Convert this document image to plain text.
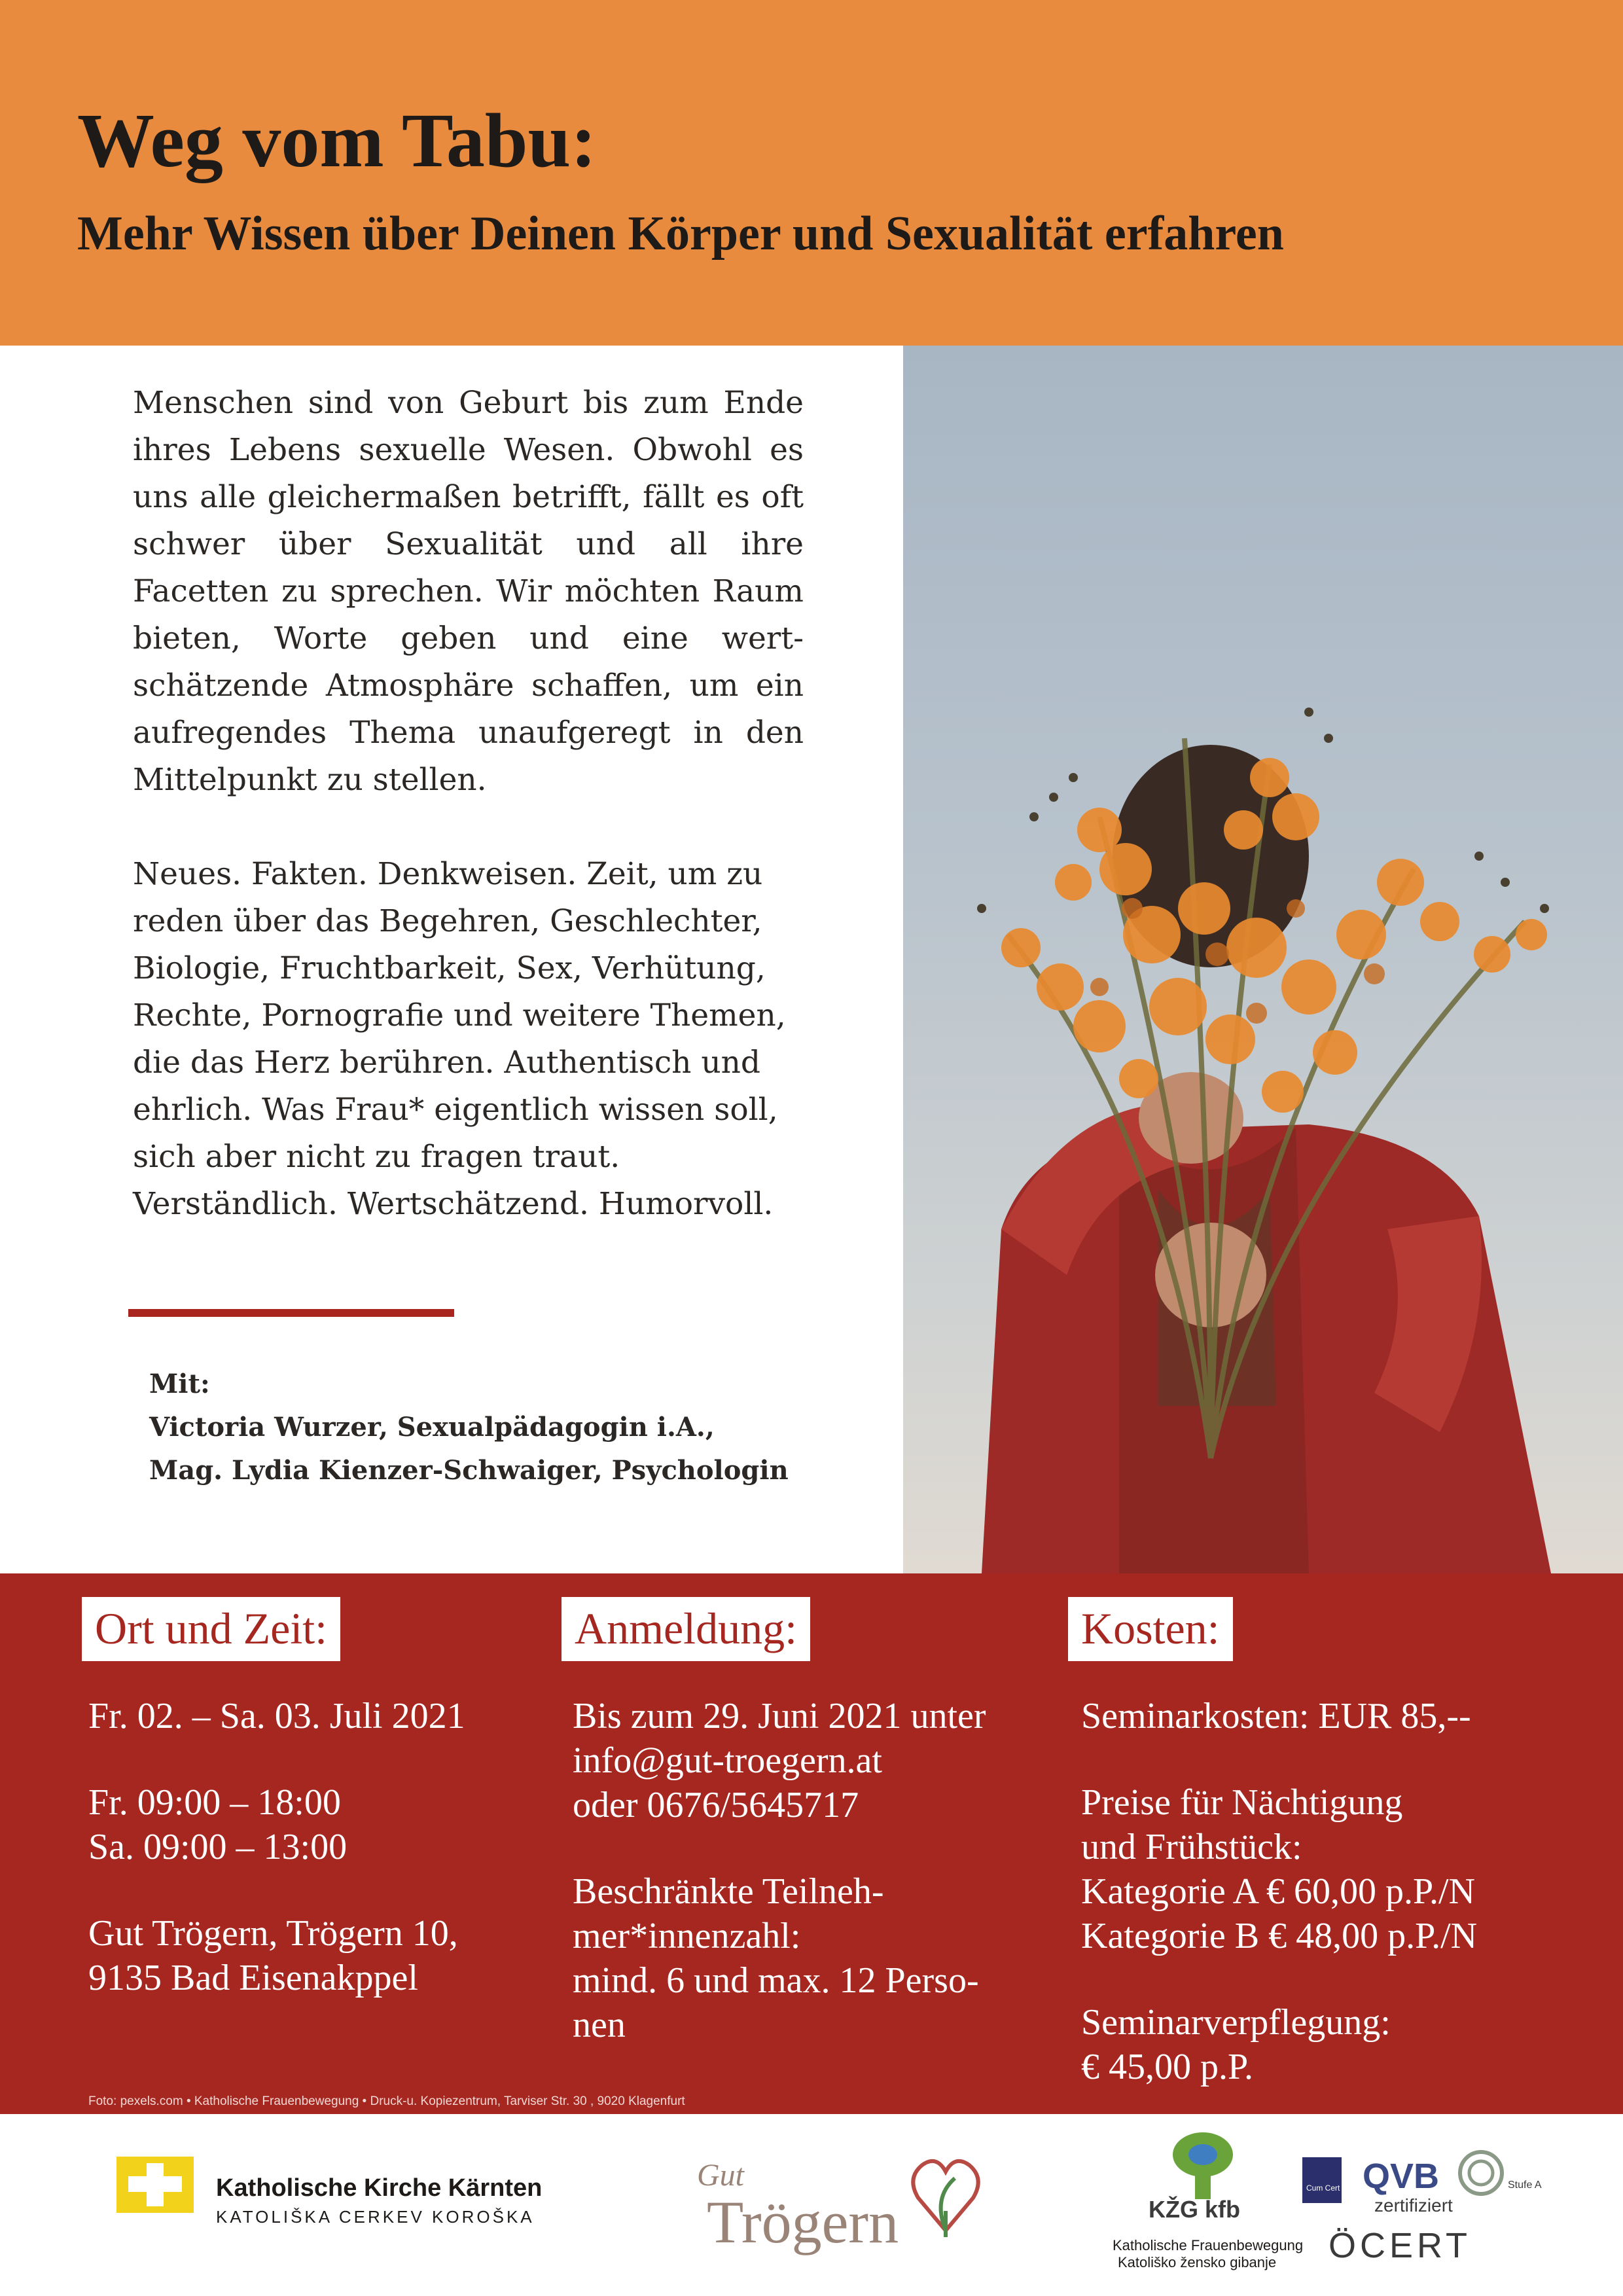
Weg vom Tabu:
Mehr Wissen über Deinen Körper und Sexualität erfahren

Menschen sind von Geburt bis zum Ende ihres Lebens sexuelle Wesen. Obwohl es uns alle gleichermaßen betrifft, fällt es oft schwer über Sexualität und all ihre Facetten zu sprechen. Wir möchten Raum bieten, Worte geben und eine wert-schätzende Atmosphäre schaffen, um ein aufregendes Thema unaufgeregt in den Mittelpunkt zu stellen.

Neues. Fakten. Denkweisen. Zeit, um zu reden über das Begehren, Geschlechter, Biologie, Fruchtbarkeit, Sex, Verhütung, Rechte, Pornografie und weitere Themen, die das Herz berühren. Authentisch und ehrlich. Was Frau* eigentlich wissen soll, sich aber nicht zu fragen traut.

Verständlich. Wertschätzend. Humorvoll.
Mit:
Victoria Wurzer, Sexualpädagogin i.A.,
Mag. Lydia Kienzer-Schwaiger, Psychologin
Ort und Zeit:	Anmeldung:	Kosten:

Fr. 02. – Sa. 03. Juli 2021

Fr. 09:00 – 18:00

Sa. 09:00 – 13:00

Gut Trögern, Trögern 10,
9135 Bad Eisenakppel
Bis zum 29. Juni 2021 unter
info@gut-troegern.at

oder 0676/5645717

Beschränkte Teilneh-
mer*innenzahl:
mind. 6 und max. 12 Perso-
nen

Seminarkosten: EUR 85,--

Preise für Nächtigung
und Frühstück:
Kategorie A € 60,00 p.P./N

Kategorie B € 48,00 p.P./N

Seminarverpflegung:
€ 45,00 p.P.
Foto: pexels.com • Katholische Frauenbewegung • Druck-u. Kopiezentrum, Tarviser Str. 30 , 9020 Klagenfurt
Katholische Kirche Kärnten
KATOLIŠKA CERKEV KOROŠKA
Gut
Trögern	KŽG kfb
Katholische Frauenbewegung
Katoliško žensko gibanje
Cum Cert QVB
zertifiziert
Stufe A
ÖCERT
